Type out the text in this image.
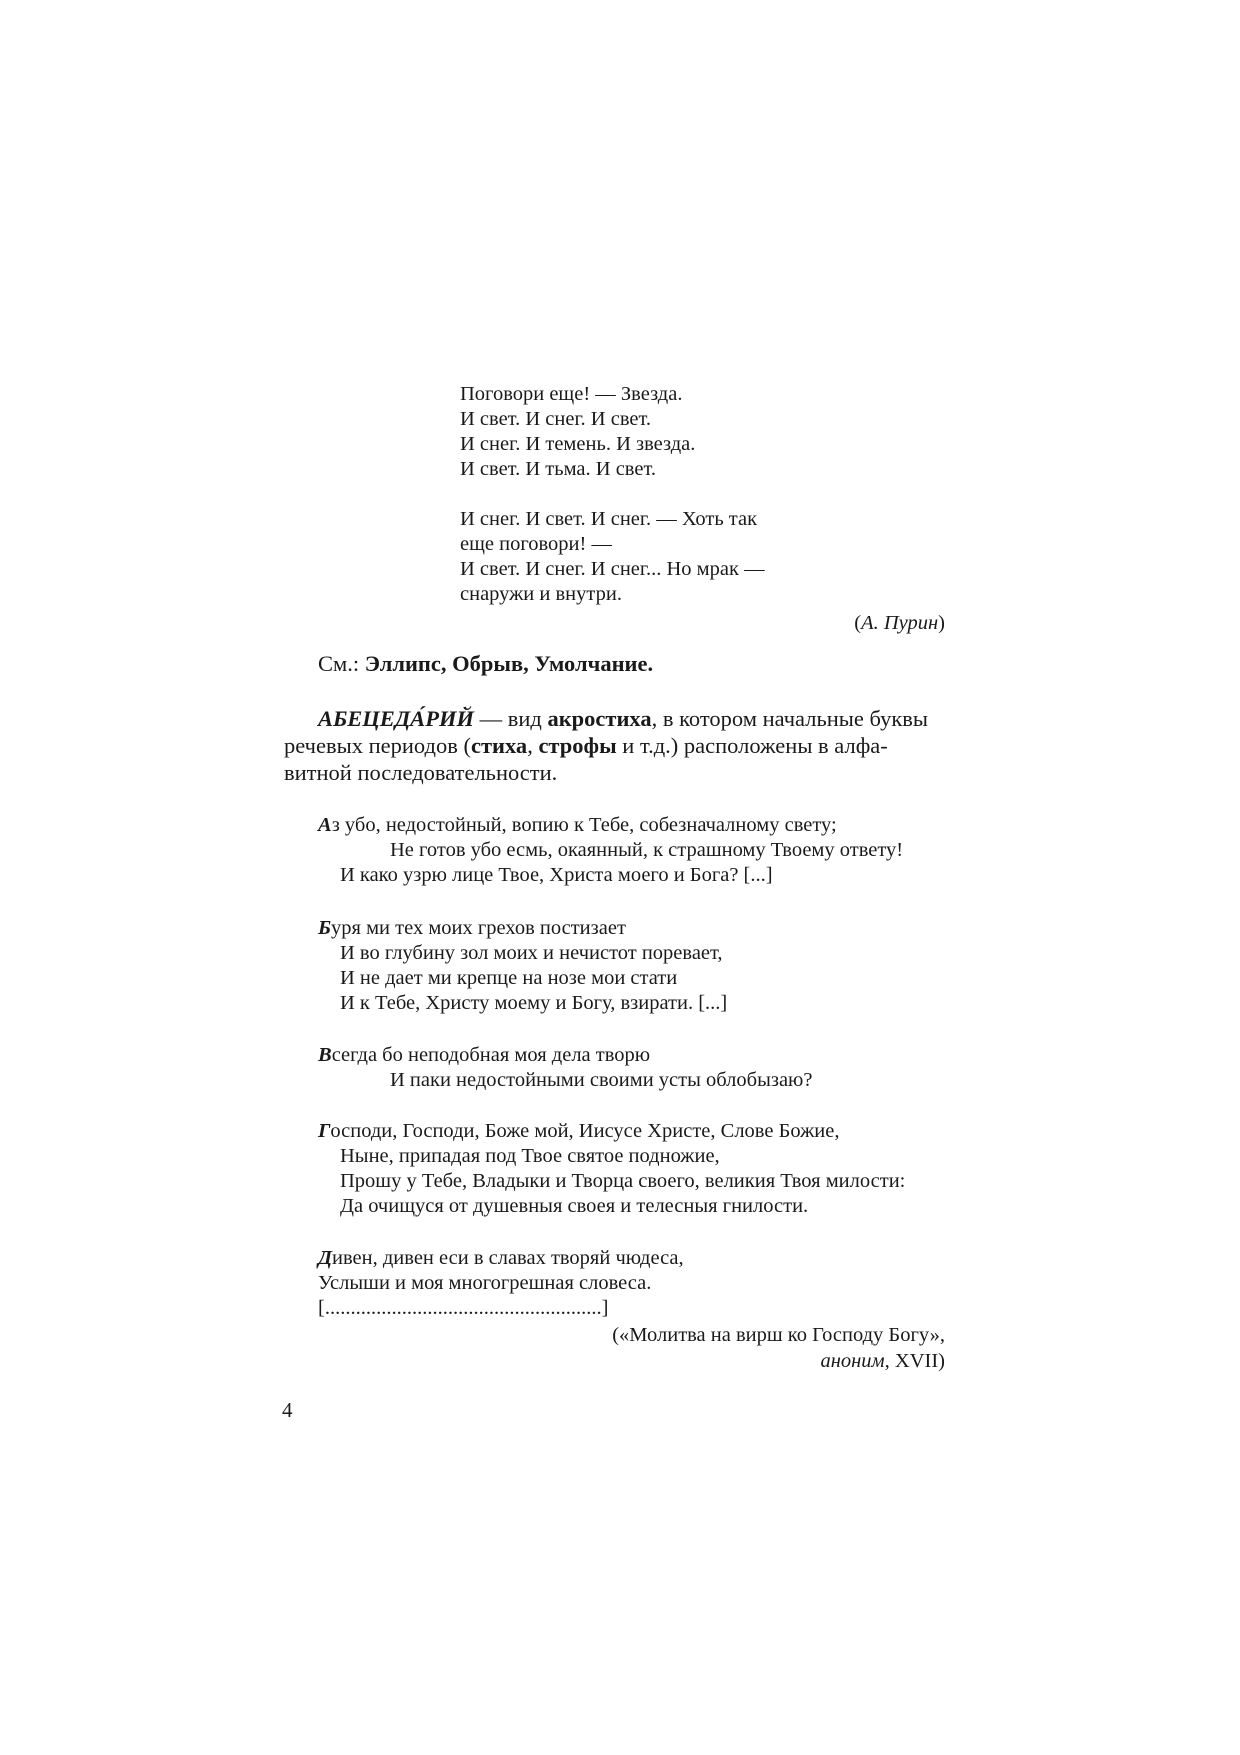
Поговори еще! — Звезда.
И свет. И снег. И свет.
И снег. И темень. И звезда.
И свет. И тьма. И свет.
И снег. И свет. И снег. — Хоть так
еще поговори! —
И свет. И снег. И снег... Но мрак —
снаружи и внутри.
(А. Пурин)
См.: Эллипс, Обрыв, Умолчание.
АБЕЦЕДА́РИЙ — вид акростиха, в котором начальные буквы
речевых периодов (стиха, строфы и т.д.) расположены в алфа-
витной последовательности.
Аз убо, недостойный, вопию к Тебе, собезначалному свету;
Не готов убо есмь, окаянный, к страшному Твоему ответу!
И како узрю лице Твое, Христа моего и Бога? [...]
Буря ми тех моих грехов постизает
И во глубину зол моих и нечистот поревает,
И не дает ми крепце на нозе мои стати
И к Тебе, Христу моему и Богу, взирати. [...]
Всегда бо неподобная моя дела творю
И паки недостойными своими усты облобызаю?
Господи, Господи, Боже мой, Иисусе Христе, Слове Божие,
Ныне, припадая под Твое святое подножие,
Прошу у Тебе, Владыки и Творца своего, великия Твоя милости:
Да очищуся от душевныя своея и телесныя гнилости.
Дивен, дивен еси в славах творяй чюдеса,
Услыши и моя многогрешная словеса.
[......................................................]
(«Молитва на вирш ко Господу Богу»,
аноним, XVII)
4
